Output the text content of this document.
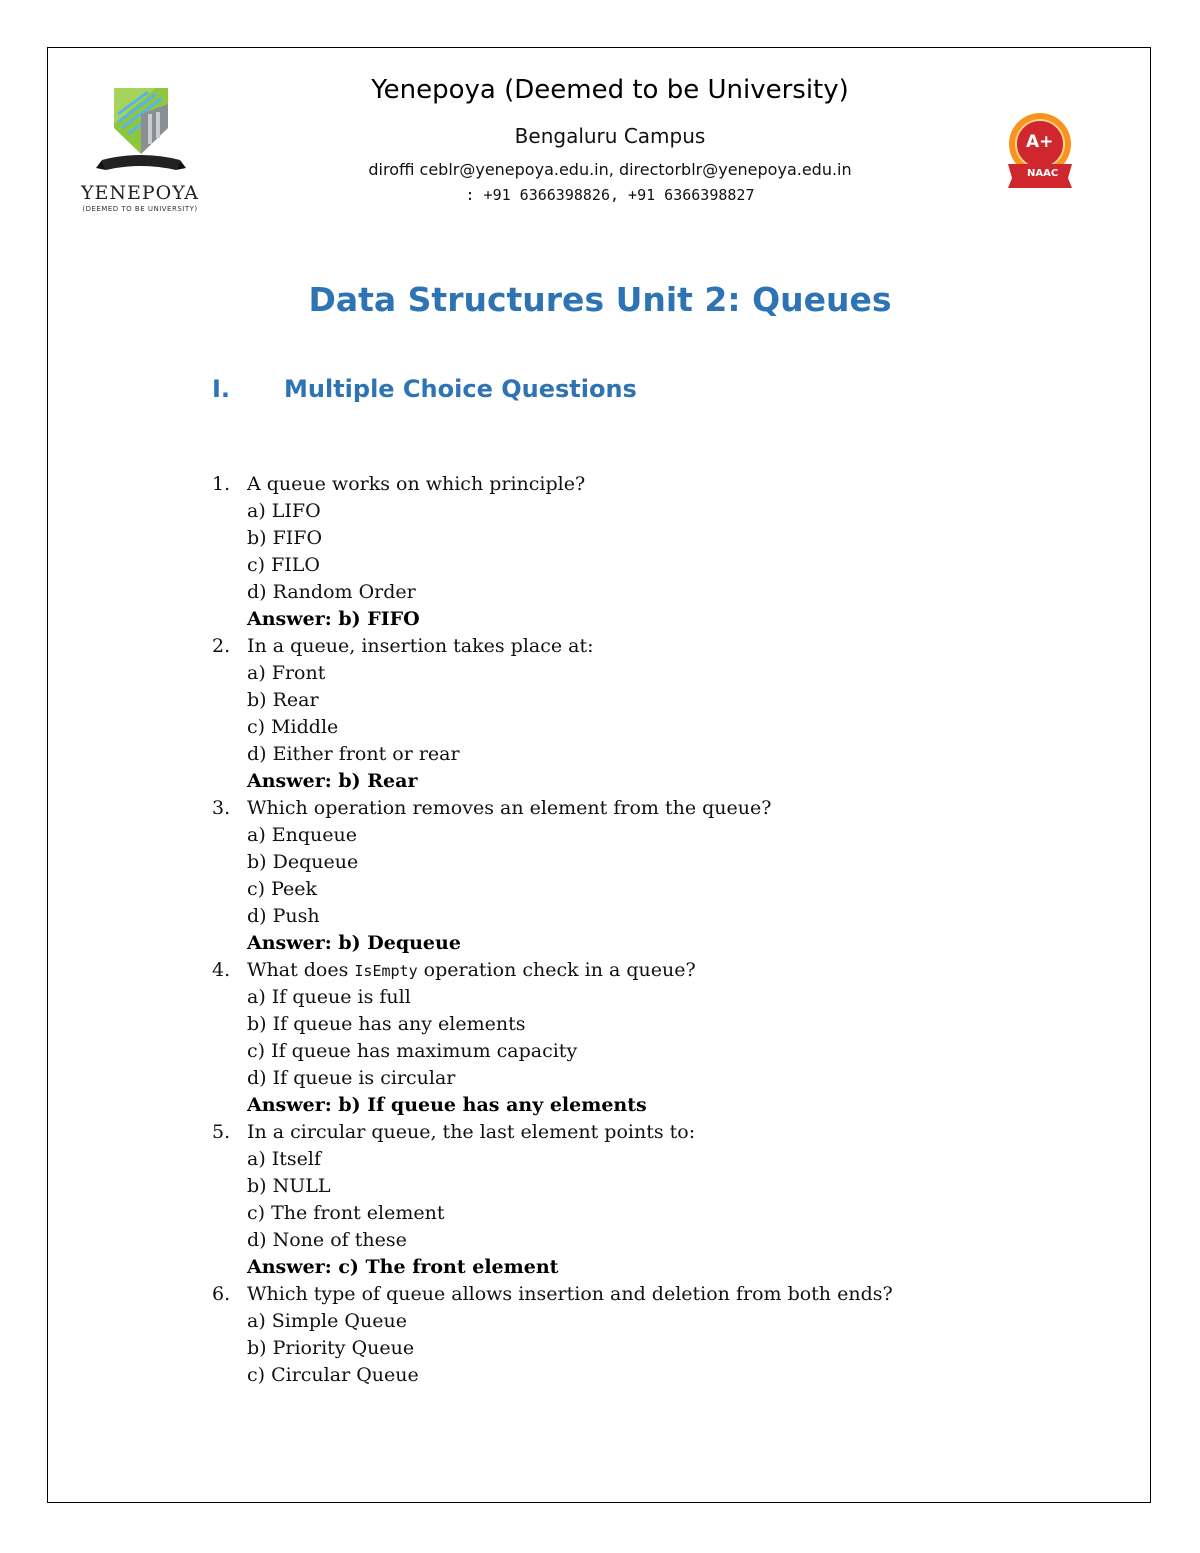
YENEPOYA
(DEEMED TO BE UNIVERSITY)
A+
NAAC
Yenepoya (Deemed to be University)
Bengaluru Campus
diroffi ceblr@yenepoya.edu.in, directorblr@yenepoya.edu.in
: +91 6366398826, +91 6366398827
Data Structures Unit 2: Queues
I. Multiple Choice Questions
1. A queue works on which principle?
a) LIFO
b) FIFO
c) FILO
d) Random Order
Answer: b) FIFO
2. In a queue, insertion takes place at:
a) Front
b) Rear
c) Middle
d) Either front or rear
Answer: b) Rear
3. Which operation removes an element from the queue?
a) Enqueue
b) Dequeue
c) Peek
d) Push
Answer: b) Dequeue
4. What does IsEmpty operation check in a queue?
a) If queue is full
b) If queue has any elements
c) If queue has maximum capacity
d) If queue is circular
Answer: b) If queue has any elements
5. In a circular queue, the last element points to:
a) Itself
b) NULL
c) The front element
d) None of these
Answer: c) The front element
6. Which type of queue allows insertion and deletion from both ends?
a) Simple Queue
b) Priority Queue
c) Circular Queue
